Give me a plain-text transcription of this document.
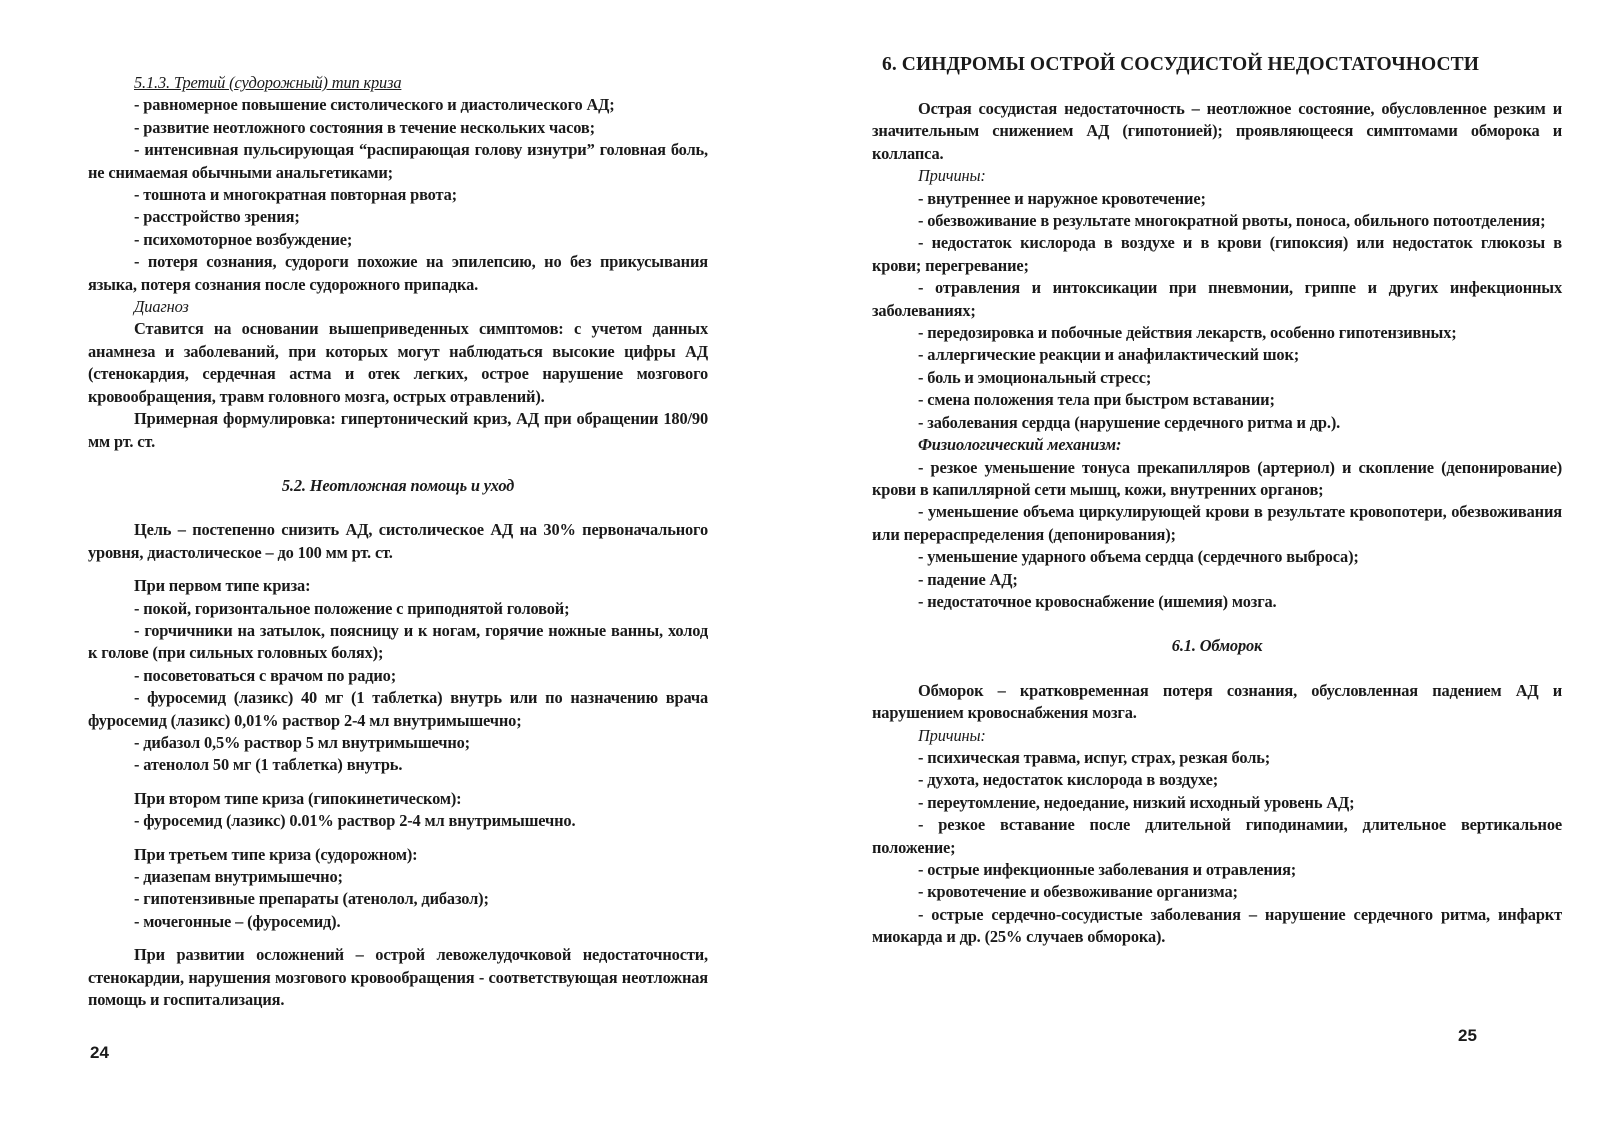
5.1.3. Третий (судорожный) тип криза

- равномерное повышение систолического и диастолического АД;

- развитие неотложного состояния в течение нескольких часов;

- интенсивная пульсирующая “распирающая голову изнутри” головная боль, не снимаемая обычными анальгетиками;

- тошнота и многократная повторная рвота;

- расстройство зрения;

- психомоторное возбуждение;

- потеря сознания, судороги похожие на эпилепсию, но без прикусывания языка, потеря сознания после судорожного припадка.

Диагноз

Ставится на основании вышеприведенных симптомов: с учетом данных анамнеза и заболеваний, при которых могут наблюдаться высокие цифры АД (стенокардия, сердечная астма и отек легких, острое нарушение мозгового кровообращения, травм головного мозга, острых отравлений).

Примерная формулировка: гипертонический криз, АД при обращении 180/90 мм рт. ст.

5.2. Неотложная помощь и уход

Цель – постепенно снизить АД, систолическое АД на 30% первоначального уровня, диастолическое – до 100 мм рт. ст.

При первом типе криза:

- покой, горизонтальное положение с приподнятой головой;

- горчичники на затылок, поясницу и к ногам, горячие ножные ванны, холод к голове (при сильных головных болях);

- посоветоваться с врачом по радио;

- фуросемид (лазикс) 40 мг (1 таблетка) внутрь или по назначению врача фуросемид (лазикс) 0,01% раствор 2-4 мл внутримышечно;

- дибазол 0,5% раствор 5 мл внутримышечно;

- атенолол 50 мг (1 таблетка) внутрь.

При втором типе криза (гипокинетическом):

- фуросемид (лазикс) 0.01% раствор 2-4 мл внутримышечно.

При третьем типе криза (судорожном):

- диазепам внутримышечно;

- гипотензивные препараты (атенолол, дибазол);

- мочегонные – (фуросемид).

При развитии осложнений – острой левожелудочковой недостаточности, стенокардии, нарушения мозгового кровообращения - соответствующая неотложная помощь и госпитализация.

24
6. СИНДРОМЫ ОСТРОЙ СОСУДИСТОЙ НЕДОСТАТОЧНОСТИ

Острая сосудистая недостаточность – неотложное состояние, обусловленное резким и значительным снижением АД (гипотонией); проявляющееся симптомами обморока и коллапса.

Причины:

- внутреннее и наружное кровотечение;

- обезвоживание в результате многократной рвоты, поноса, обильного потоотделения;

- недостаток кислорода в воздухе и в крови (гипоксия) или недостаток глюкозы в крови; перегревание;

- отравления и интоксикации при пневмонии, гриппе и других инфекционных заболеваниях;

- передозировка и побочные действия лекарств, особенно гипотензивных;

- аллергические реакции и анафилактический шок;

- боль и эмоциональный стресс;

- смена положения тела при быстром вставании;

- заболевания сердца (нарушение сердечного ритма и др.).

Физиологический механизм:

- резкое уменьшение тонуса прекапилляров (артериол) и скопление (депонирование) крови в капиллярной сети мышц, кожи, внутренних органов;

- уменьшение объема циркулирующей крови в результате кровопотери, обезвоживания или перераспределения (депонирования);

- уменьшение ударного объема сердца (сердечного выброса);

- падение АД;

- недостаточное кровоснабжение (ишемия) мозга.

6.1. Обморок

Обморок – кратковременная потеря сознания, обусловленная падением АД и нарушением кровоснабжения мозга.

Причины:

- психическая травма, испуг, страх, резкая боль;

- духота, недостаток кислорода в воздухе;

- переутомление, недоедание, низкий исходный уровень АД;

- резкое вставание после длительной гиподинамии, длительное вертикальное положение;

- острые инфекционные заболевания и отравления;

- кровотечение и обезвоживание организма;

- острые сердечно-сосудистые заболевания – нарушение сердечного ритма, инфаркт миокарда и др. (25% случаев обморока).

25
